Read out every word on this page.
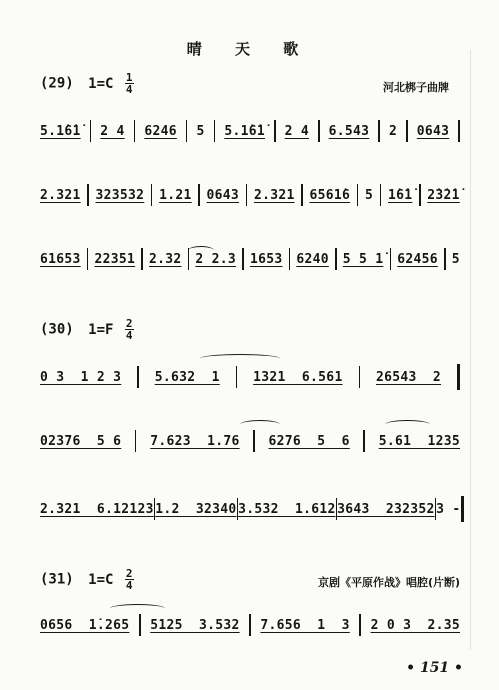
晴 天 歌
(29) $1=C \frac{1}{4}$	河北梆子曲牌
5.1̇6̇1̇ 2 4 6246 5 5.1̇6̇1̇ 2 4 6.543 2 0643
2.321 323532 1.21 0643 2.321 6561̇6 5 1̇6̇1̇ 2̇3̇2̇1̇
61653 22351 2.32 2 2.3 1653 6240 5 5 1̇ 62456 5
(30) $1=F \frac{2}{4}$
0 3  1 2 3	5.632  1	1321  6.561	26543  2
02376  5 6 7.623  1.76 6276  5  6 5.61  1235
2.321  6.12123 1.2  32340 3.532  1.612 3643  232352 3 -
(31) $1=C \frac{2}{4}$	京剧《平原作战》唱腔(片断)
0656  1̇.265 5125  3.532 7.656  1  3 2 0 3  2.35
• 151 •
